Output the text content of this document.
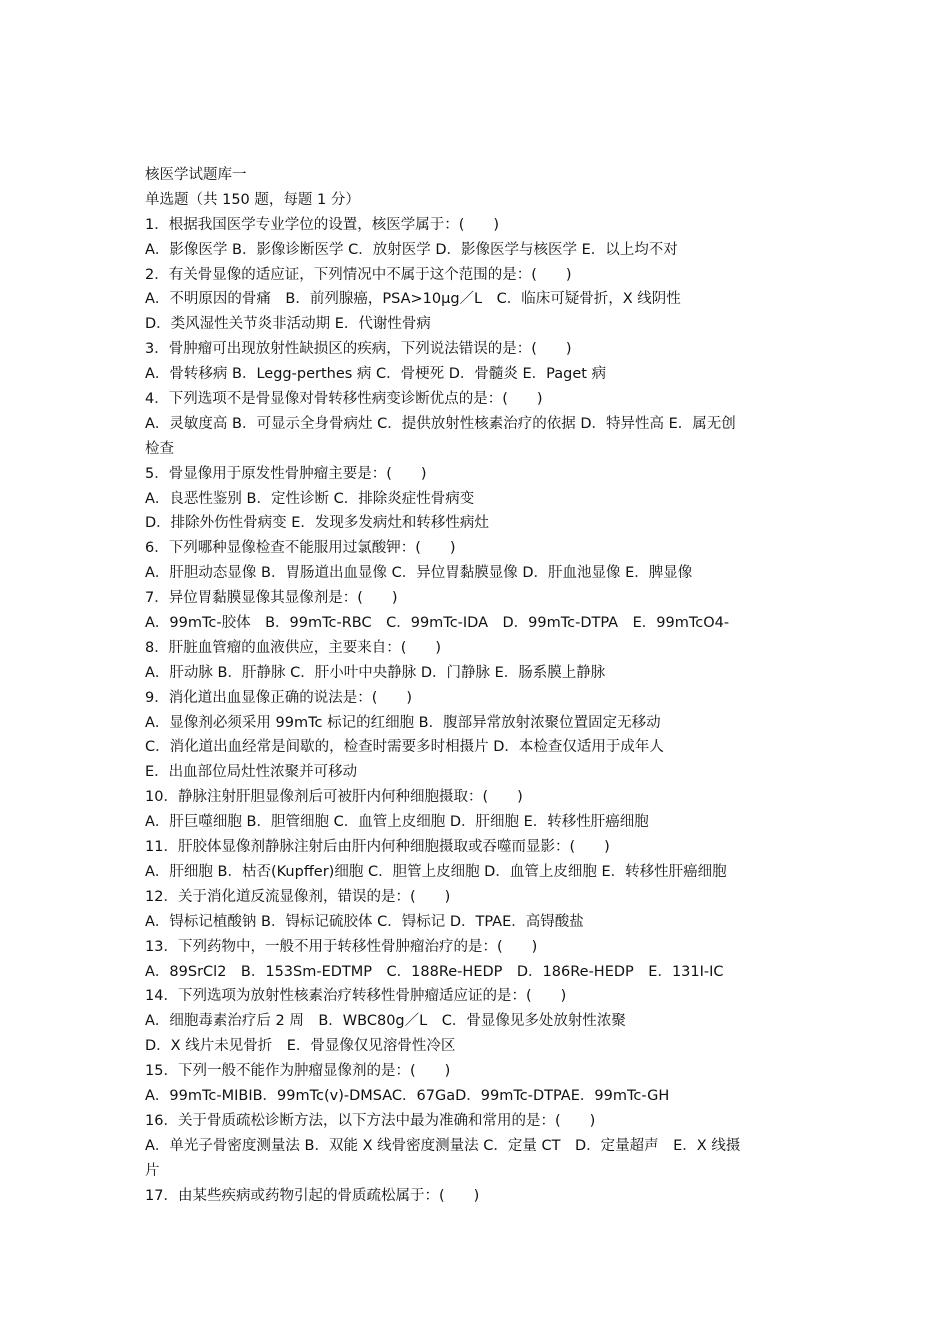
核医学试题库一
单选题（共 150 题，每题 1 分）
1．根据我国医学专业学位的设置，核医学属于：(　　)
A．影像医学 B．影像诊断医学 C．放射医学 D．影像医学与核医学 E．以上均不对
2．有关骨显像的适应证，下列情况中不属于这个范围的是：(　　)
A．不明原因的骨痛　B．前列腺癌，PSA>10μg／L　C．临床可疑骨折，X 线阴性
D．类风湿性关节炎非活动期 E．代谢性骨病
3．骨肿瘤可出现放射性缺损区的疾病，下列说法错误的是：(　　)
A．骨转移病 B．Legg-perthes 病 C．骨梗死 D．骨髓炎 E．Paget 病
4．下列选项不是骨显像对骨转移性病变诊断优点的是：(　　)
A．灵敏度高 B．可显示全身骨病灶 C．提供放射性核素治疗的依据 D．特异性高 E．属无创
检查
5．骨显像用于原发性骨肿瘤主要是：(　　)
A．良恶性鉴别 B．定性诊断 C．排除炎症性骨病变
D．排除外伤性骨病变 E．发现多发病灶和转移性病灶
6．下列哪种显像检查不能服用过氯酸钾：(　　)
A．肝胆动态显像 B．胃肠道出血显像 C．异位胃黏膜显像 D．肝血池显像 E．脾显像
7．异位胃黏膜显像其显像剂是：(　　)
A．99mTc-胶体　B．99mTc-RBC　C．99mTc-IDA　D．99mTc-DTPA　E．99mTcO4-
8．肝脏血管瘤的血液供应，主要来自：(　　)
A．肝动脉 B．肝静脉 C．肝小叶中央静脉 D．门静脉 E．肠系膜上静脉
9．消化道出血显像正确的说法是：(　　)
A．显像剂必须采用 99mTc 标记的红细胞 B．腹部异常放射浓聚位置固定无移动
C．消化道出血经常是间歇的，检查时需要多时相摄片 D．本检查仅适用于成年人
E．出血部位局灶性浓聚并可移动
10．静脉注射肝胆显像剂后可被肝内何种细胞摄取：(　　)
A．肝巨噬细胞 B．胆管细胞 C．血管上皮细胞 D．肝细胞 E．转移性肝癌细胞
11．肝胶体显像剂静脉注射后由肝内何种细胞摄取或吞噬而显影：(　　)
A．肝细胞 B．枯否(Kupffer)细胞 C．胆管上皮细胞 D．血管上皮细胞 E．转移性肝癌细胞
12．关于消化道反流显像剂，错误的是：(　　)
A．锝标记植酸钠 B．锝标记硫胶体 C．锝标记 D．TPAE．高锝酸盐
13．下列药物中，一般不用于转移性骨肿瘤治疗的是：(　　)
A．89SrCl2　B．153Sm-EDTMP　C．188Re-HEDP　D．186Re-HEDP　E．131I-IC
14．下列选项为放射性核素治疗转移性骨肿瘤适应证的是：(　　)
A．细胞毒素治疗后 2 周　B．WBC80g／L　C．骨显像见多处放射性浓聚
D．X 线片未见骨折　E．骨显像仅见溶骨性冷区
15．下列一般不能作为肿瘤显像剂的是：(　　)
A．99mTc-MIBIB．99mTc(v)-DMSAC．67GaD．99mTc-DTPAE．99mTc-GH
16．关于骨质疏松诊断方法，以下方法中最为准确和常用的是：(　　)
A．单光子骨密度测量法 B．双能 X 线骨密度测量法 C．定量 CT　D．定量超声　E．X 线摄
片
17．由某些疾病或药物引起的骨质疏松属于：(　　)
